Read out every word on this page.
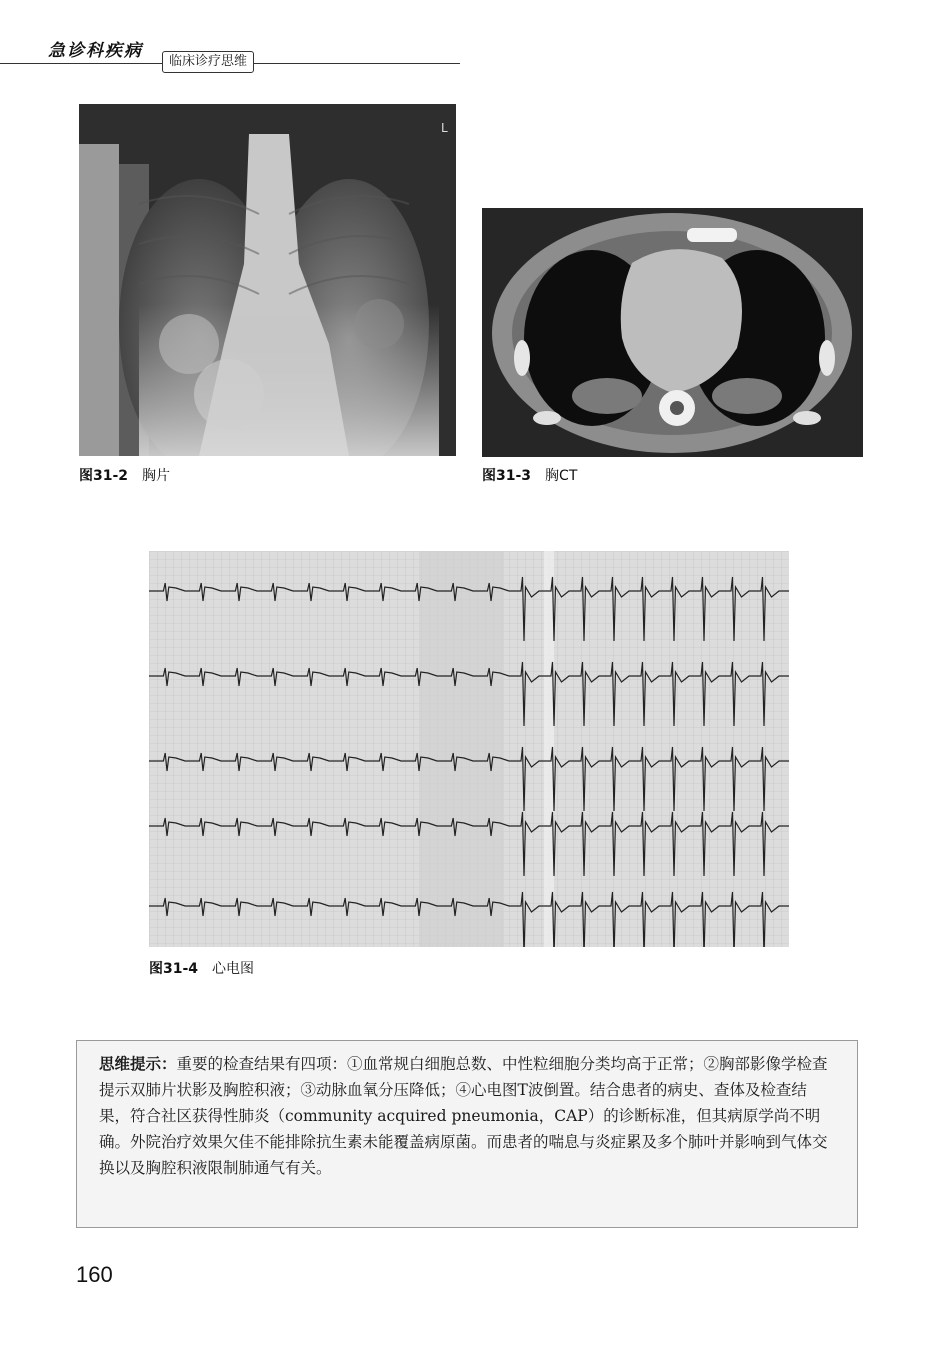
急诊科疾病
临床诊疗思维
L
图31-2 胸片	图31-3 胸CT
图31-4 心电图
思维提示：重要的检查结果有四项：①血常规白细胞总数、中性粒细胞分类均高于正常；②胸部影像学检查提示双肺片状影及胸腔积液；③动脉血氧分压降低；④心电图T波倒置。结合患者的病史、查体及检查结果，符合社区获得性肺炎（community acquired pneumonia，CAP）的诊断标准，但其病原学尚不明确。外院治疗效果欠佳不能排除抗生素未能覆盖病原菌。而患者的喘息与炎症累及多个肺叶并影响到气体交换以及胸腔积液限制肺通气有关。
160
